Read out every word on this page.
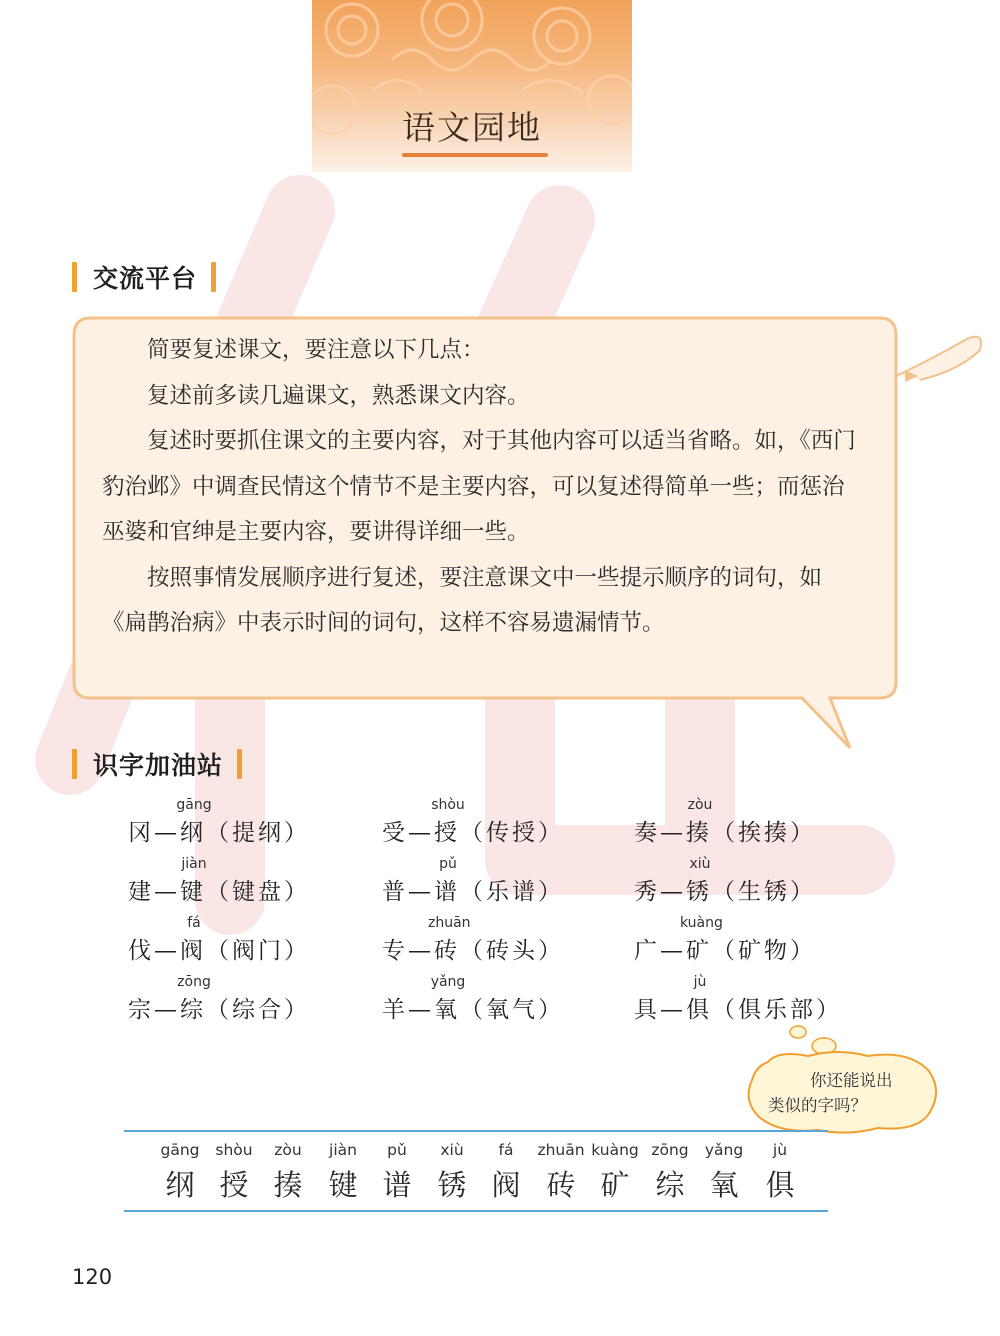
语文园地
交流平台

简要复述课文，要注意以下几点：

复述前多读几遍课文，熟悉课文内容。

复述时要抓住课文的主要内容，对于其他内容可以适当省略。如，《西门豹治邺》中调查民情这个情节不是主要内容，可以复述得简单一些；而惩治巫婆和官绅是主要内容，要讲得详细一些。

按照事情发展顺序进行复述，要注意课文中一些提示顺序的词句，如《扁鹊治病》中表示时间的词句，这样不容易遗漏情节。

识字加油站
gāng
冈—纲（提纲）
shòu
受—授（传授）
zòu
奏—揍（挨揍）
jiàn
建—键（键盘）
pǔ
普—谱（乐谱）
xiù
秀—锈（生锈）
fá
伐—阀（阀门）
zhuān
专—砖（砖头）
kuàng
广—矿（矿物）
zōng
宗—综（综合）
yǎng
羊—氧（氧气）
jù
具—俱（俱乐部）
你还能说出
类似的字吗？
gāng
纲
shòu
授
zòu
揍
jiàn
键
pǔ
谱
xiù
锈
fá
阀
zhuān
砖
kuàng
矿
zōng
综
yǎng
氧
jù
俱
120
